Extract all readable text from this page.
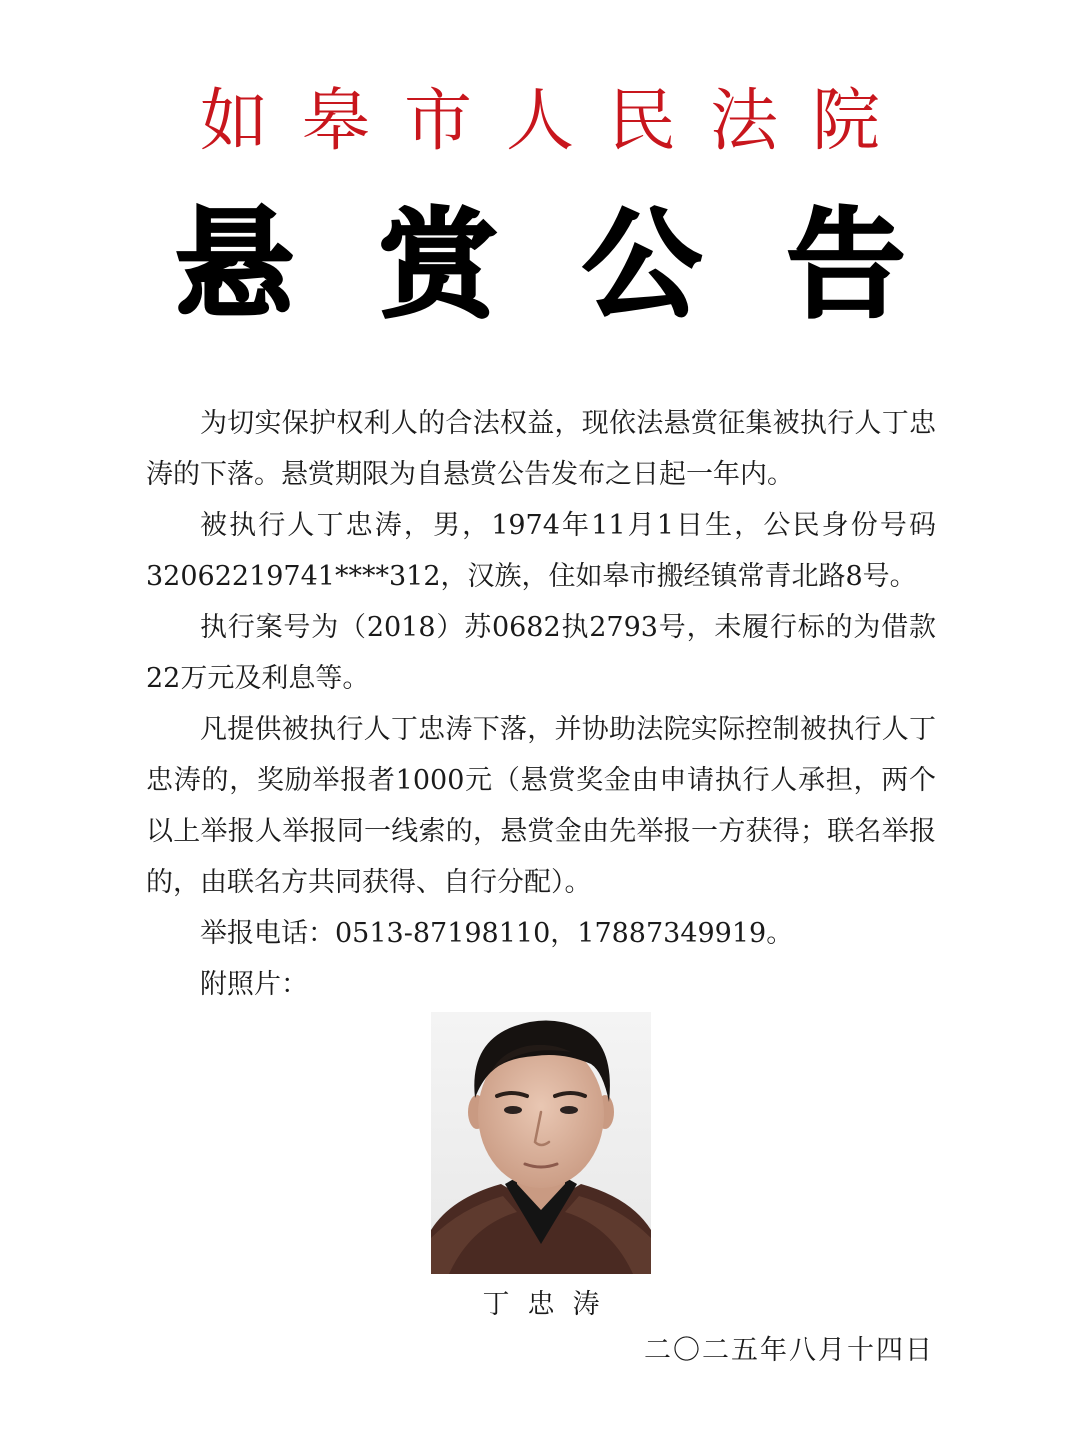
如皋市人民法院
悬赏公告

为切实保护权利人的合法权益，现依法悬赏征集被执行人丁忠涛的下落。悬赏期限为自悬赏公告发布之日起一年内。

被执行人丁忠涛，男，1974年11月1日生，公民身份号码32062219741****312，汉族，住如皋市搬经镇常青北路8号。

执行案号为（2018）苏0682执2793号，未履行标的为借款22万元及利息等。

凡提供被执行人丁忠涛下落，并协助法院实际控制被执行人丁忠涛的，奖励举报者1000元（悬赏奖金由申请执行人承担，两个以上举报人举报同一线索的，悬赏金由先举报一方获得；联名举报的，由联名方共同获得、自行分配）。

举报电话：0513-87198110，17887349919。

附照片：

丁忠涛
二〇二五年八月十四日
